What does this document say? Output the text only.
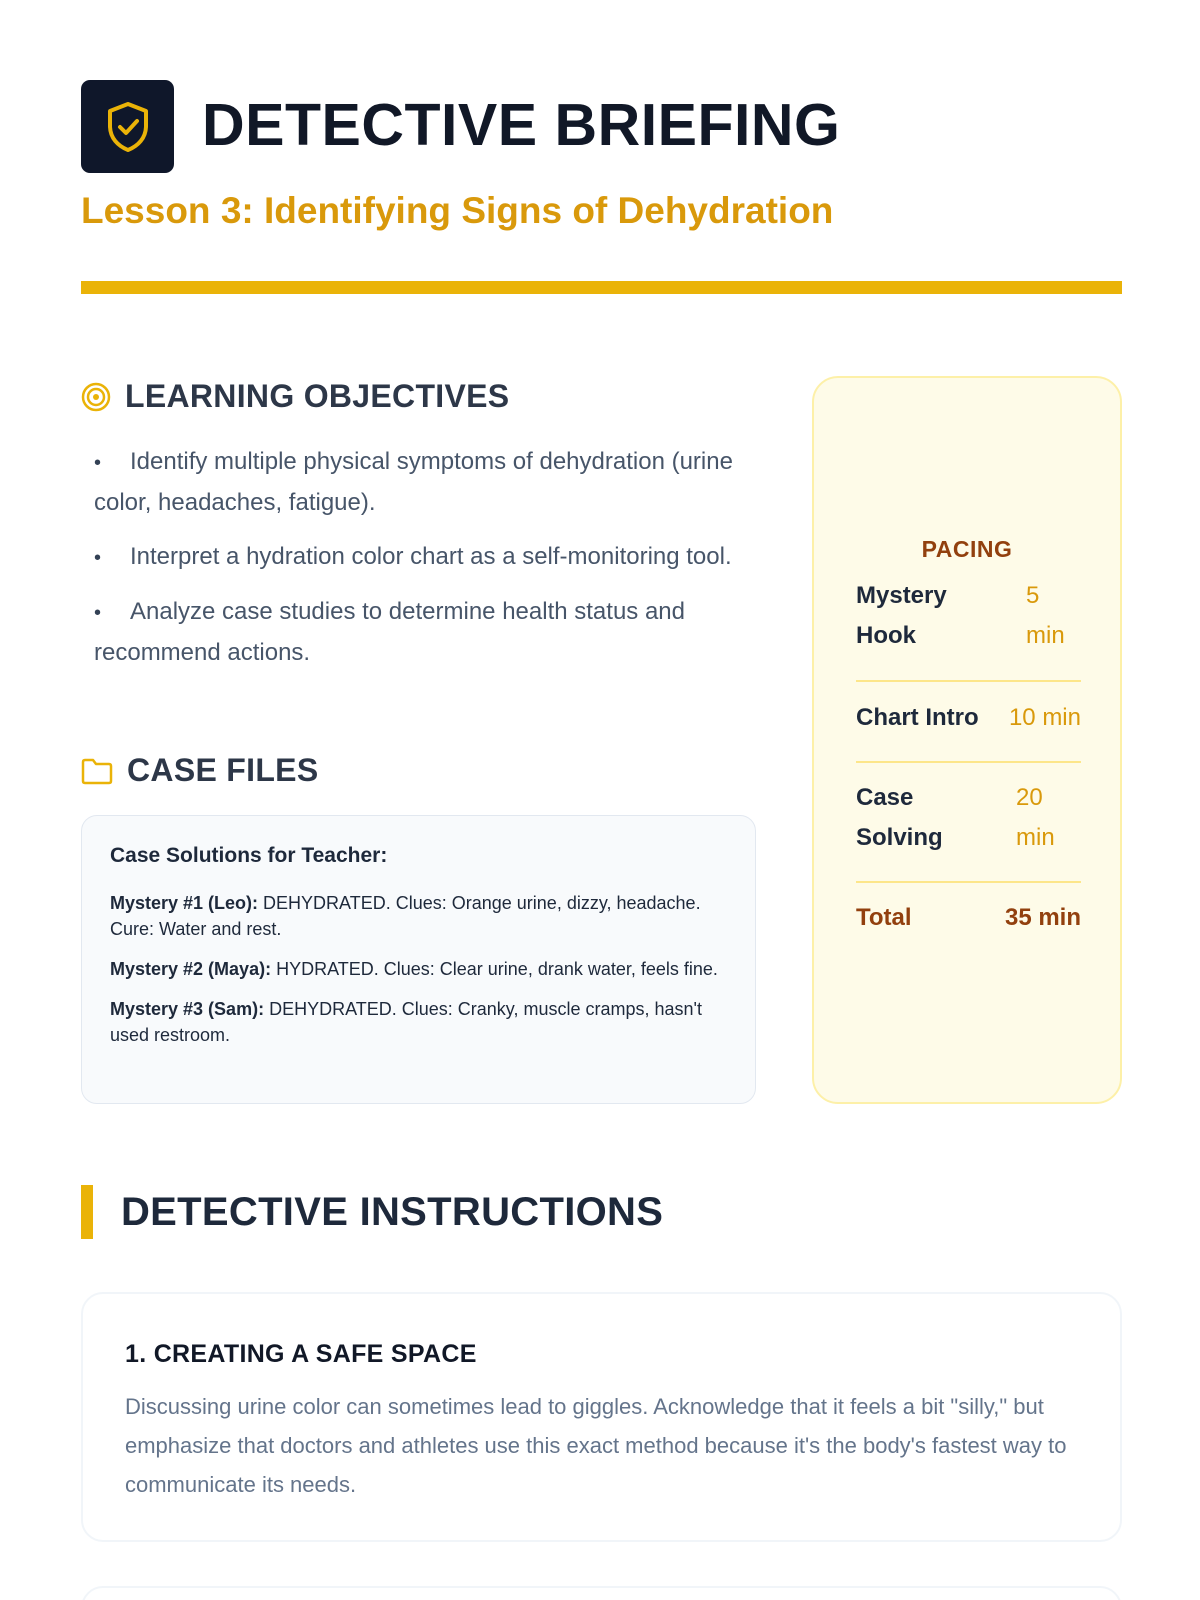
DETECTIVE BRIEFING
Lesson 3: Identifying Signs of Dehydration
LEARNING OBJECTIVES
• Identify multiple physical symptoms of dehydration (urine color, headaches, fatigue).
• Interpret a hydration color chart as a self-monitoring tool.
• Analyze case studies to determine health status and recommend actions.
CASE FILES
Case Solutions for Teacher:

Mystery #1 (Leo): DEHYDRATED. Clues: Orange urine, dizzy, headache. Cure: Water and rest.

Mystery #2 (Maya): HYDRATED. Clues: Clear urine, drank water, feels fine.

Mystery #3 (Sam): DEHYDRATED. Clues: Cranky, muscle cramps, hasn't used restroom.

PACING
Mystery Hook
5 min
Chart Intro 10 min
Case Solving
20 min
Total	35 min
DETECTIVE INSTRUCTIONS
1. CREATING A SAFE SPACE

Discussing urine color can sometimes lead to giggles. Acknowledge that it feels a bit "silly," but emphasize that doctors and athletes use this exact method because it's the body's fastest way to communicate its needs.
